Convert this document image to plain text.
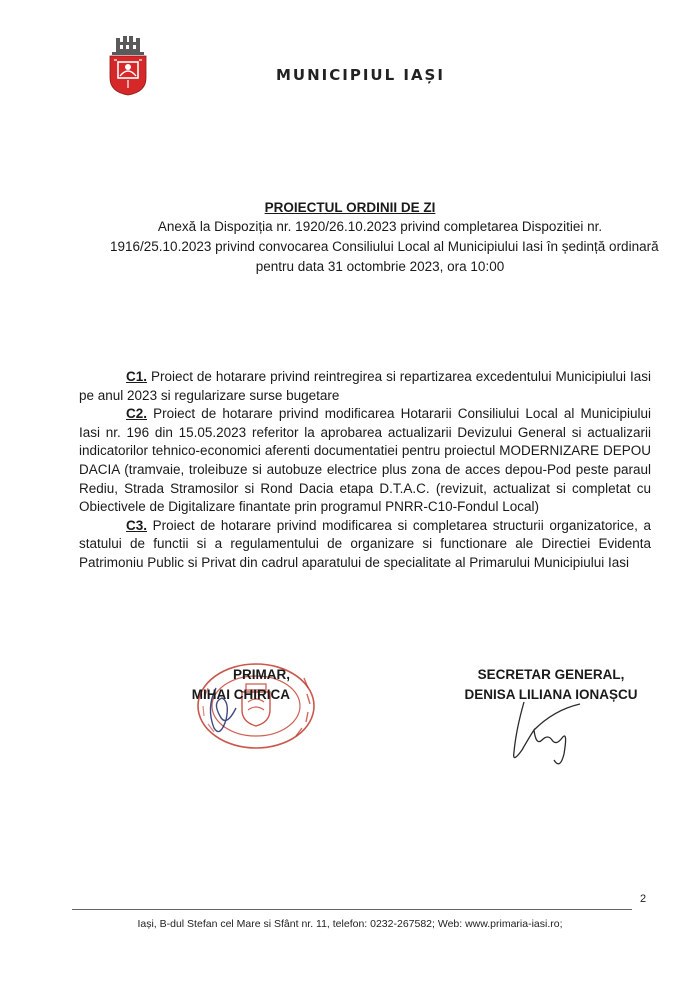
MUNICIPIUL IAȘI
PROIECTUL ORDINII DE ZI
Anexă la Dispoziția nr. 1920/26.10.2023 privind completarea Dispozitiei nr.
1916/25.10.2023 privind convocarea Consiliului Local al Municipiului Iasi în ședință ordinară
pentru data 31 octombrie 2023, ora 10:00

C1. Proiect de hotarare privind reintregirea si repartizarea excedentului Municipiului Iasi pe anul 2023 si regularizare surse bugetare

C2. Proiect de hotarare privind modificarea Hotararii Consiliului Local al Municipiului Iasi nr. 196 din 15.05.2023 referitor la aprobarea actualizarii Devizului General si actualizarii indicatorilor tehnico-economici aferenti documentatiei pentru proiectul MODERNIZARE DEPOU DACIA (tramvaie, troleibuze si autobuze electrice plus zona de acces depou-Pod peste paraul Rediu, Strada Stramosilor si Rond Dacia etapa D.T.A.C. (revizuit, actualizat si completat cu Obiectivele de Digitalizare finantate prin programul PNRR-C10-Fondul Local)

C3. Proiect de hotarare privind modificarea si completarea structurii organizatorice, a statului de functii si a regulamentului de organizare si functionare ale Directiei Evidenta Patrimoniu Public si Privat din cadrul aparatului de specialitate al Primarului Municipiului Iasi

PRIMAR,
MIHAI CHIRICA
SECRETAR GENERAL,
DENISA LILIANA IONAȘCU
2
Iași, B-dul Stefan cel Mare si Sfânt nr. 11, telefon: 0232-267582; Web: www.primaria-iasi.ro;
